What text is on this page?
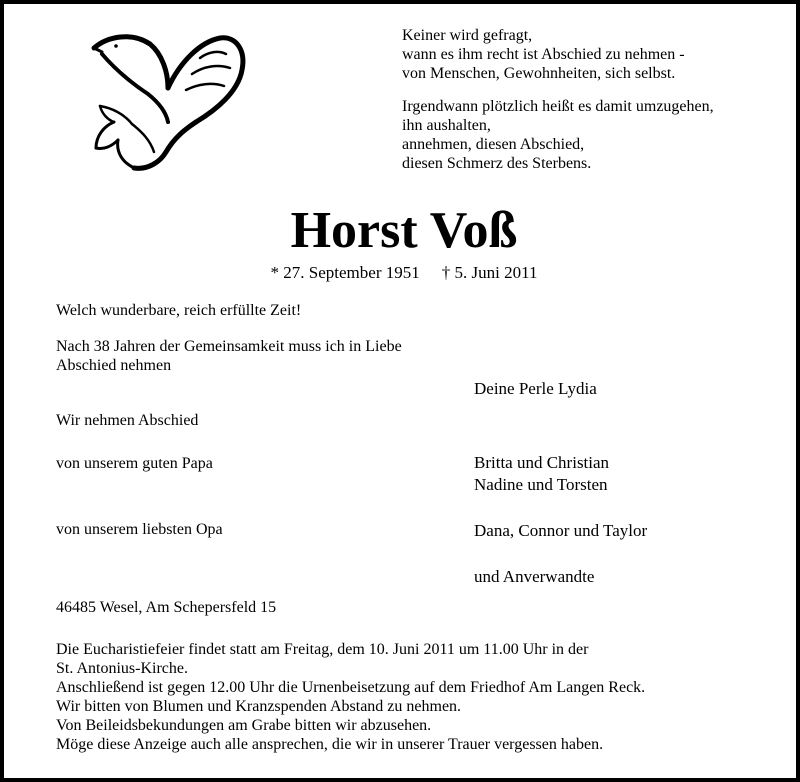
Keiner wird gefragt,
wann es ihm recht ist Abschied zu nehmen -
von Menschen, Gewohnheiten, sich selbst.
Irgendwann plötzlich heißt es damit umzugehen,
ihn aushalten,
annehmen, diesen Abschied,
diesen Schmerz des Sterbens.
Horst Voß
* 27. September 1951 † 5. Juni 2011

Welch wunderbare, reich erfüllte Zeit!

Nach 38 Jahren der Gemeinsamkeit muss ich in Liebe
Abschied nehmen

Deine Perle Lydia

Wir nehmen Abschied

von unserem guten Papa	Britta und Christian
Nadine und Torsten

von unserem liebsten Opa	Dana, Connor und Taylor

und Anverwandte

46485 Wesel, Am Schepersfeld 15

Die Eucharistiefeier findet statt am Freitag, dem 10. Juni 2011 um 11.00 Uhr in der
St. Antonius-Kirche.
Anschließend ist gegen 12.00 Uhr die Urnenbeisetzung auf dem Friedhof Am Langen Reck.
Wir bitten von Blumen und Kranzspenden Abstand zu nehmen.
Von Beileidsbekundungen am Grabe bitten wir abzusehen.
Möge diese Anzeige auch alle ansprechen, die wir in unserer Trauer vergessen haben.
